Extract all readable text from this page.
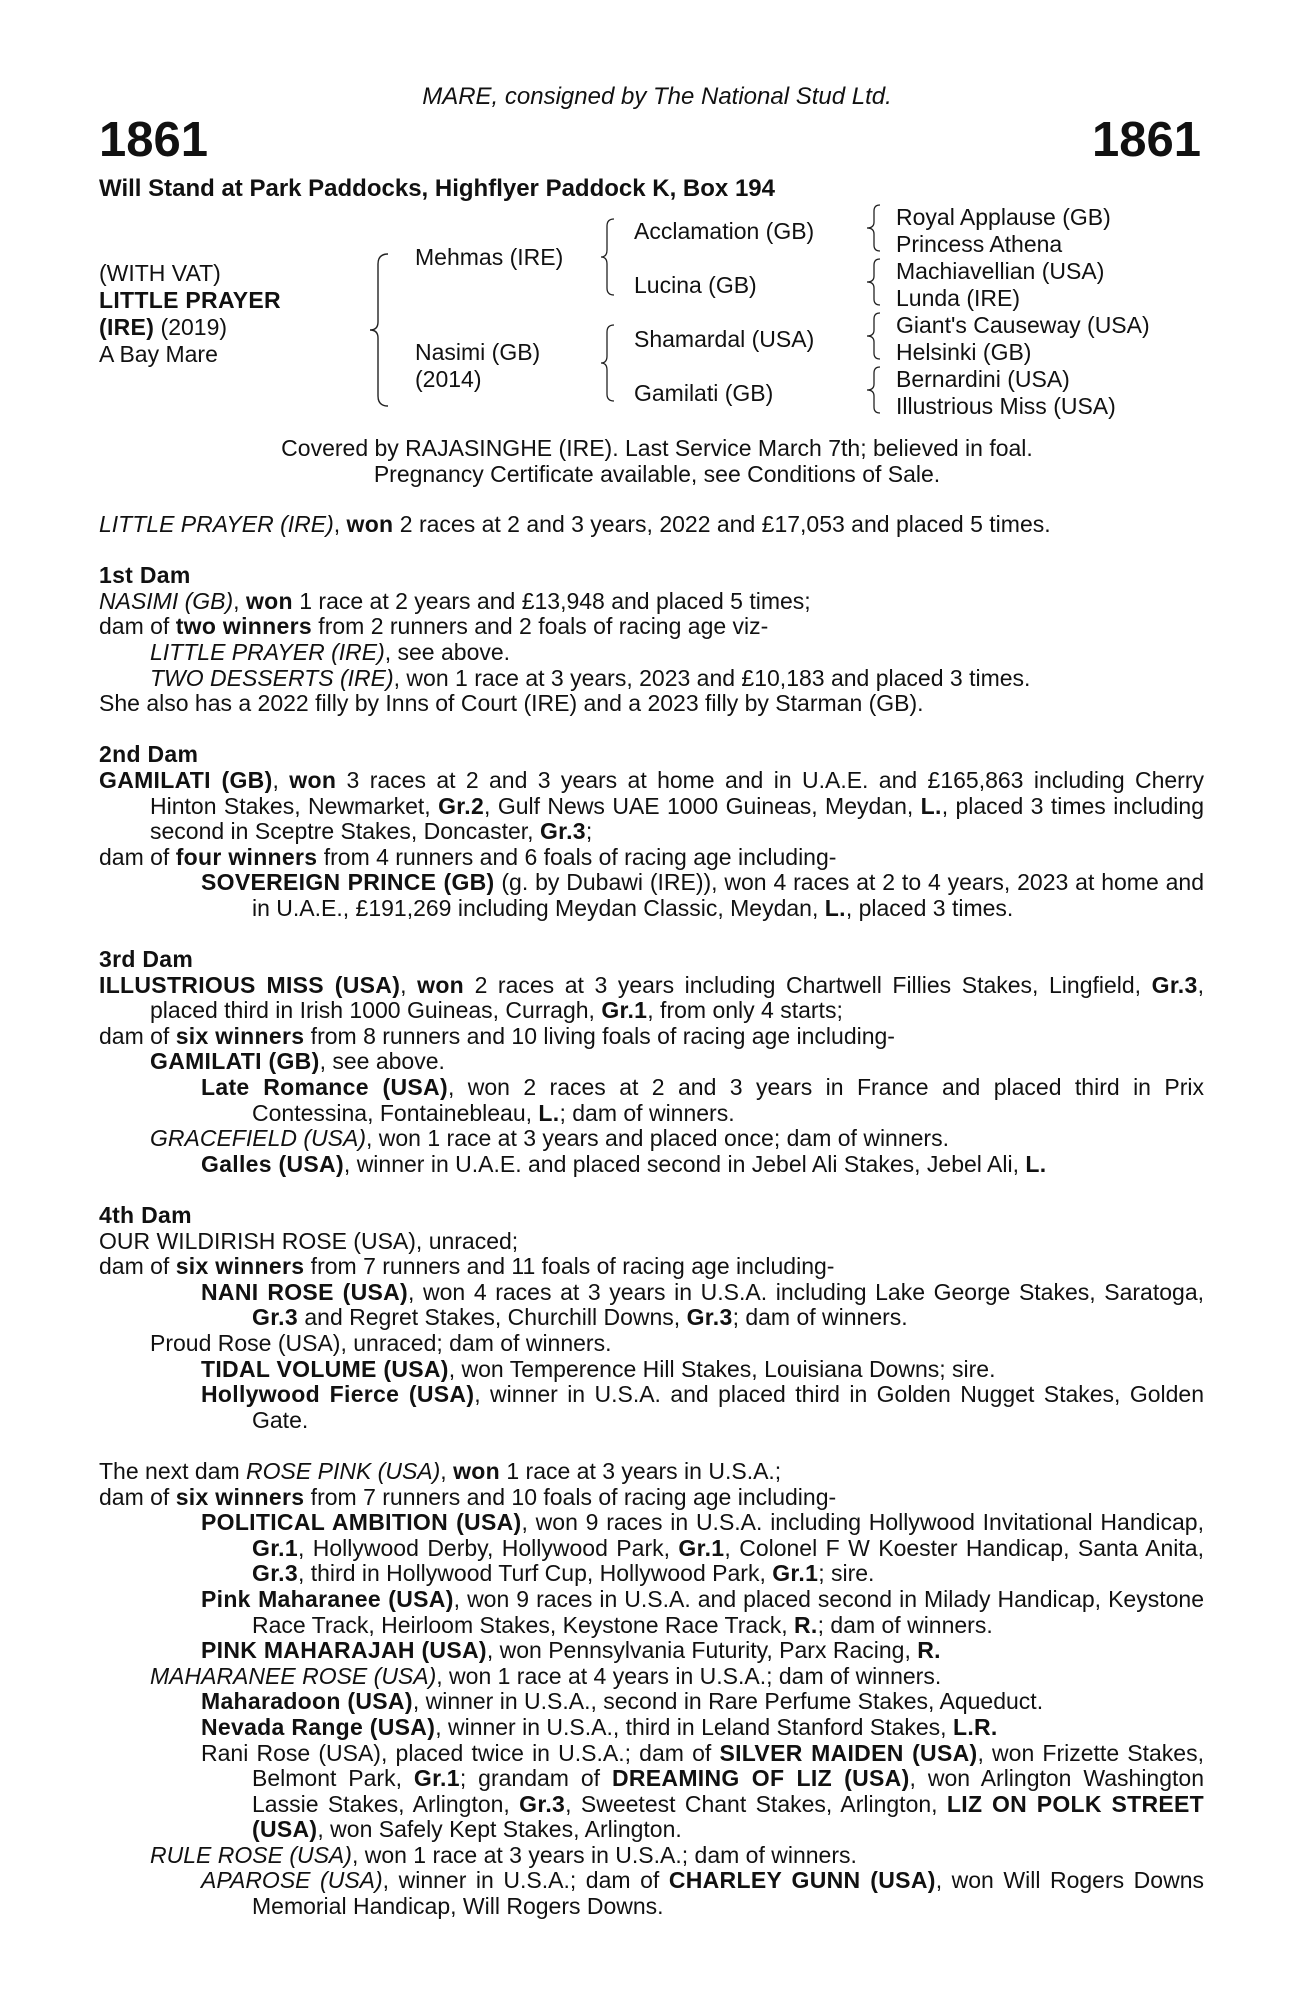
MARE, consigned by The National Stud Ltd.
1861	1861
Will Stand at Park Paddocks, Highflyer Paddock K, Box 194
(WITH VAT)
LITTLE PRAYER
(IRE) (2019)
A Bay Mare
Mehmas (IRE)
Nasimi (GB)
(2014)
Acclamation (GB)
Lucina (GB)
Shamardal (USA)
Gamilati (GB)
Royal Applause (GB)
Princess Athena
Machiavellian (USA)
Lunda (IRE)
Giant's Causeway (USA)
Helsinki (GB)
Bernardini (USA)
Illustrious Miss (USA)
Covered by RAJASINGHE (IRE). Last Service March 7th; believed in foal.
Pregnancy Certificate available, see Conditions of Sale.

LITTLE PRAYER (IRE), won 2 races at 2 and 3 years, 2022 and £17,053 and placed 5 times.

1st Dam

NASIMI (GB), won 1 race at 2 years and £13,948 and placed 5 times;

dam of two winners from 2 runners and 2 foals of racing age viz-

LITTLE PRAYER (IRE), see above.

TWO DESSERTS (IRE), won 1 race at 3 years, 2023 and £10,183 and placed 3 times.

She also has a 2022 filly by Inns of Court (IRE) and a 2023 filly by Starman (GB).

2nd Dam

GAMILATI (GB), won 3 races at 2 and 3 years at home and in U.A.E. and £165,863 including Cherry Hinton Stakes, Newmarket, Gr.2, Gulf News UAE 1000 Guineas, Meydan, L., placed 3 times including second in Sceptre Stakes, Doncaster, Gr.3;

dam of four winners from 4 runners and 6 foals of racing age including-

SOVEREIGN PRINCE (GB) (g. by Dubawi (IRE)), won 4 races at 2 to 4 years, 2023 at home and in U.A.E., £191,269 including Meydan Classic, Meydan, L., placed 3 times.

3rd Dam

ILLUSTRIOUS MISS (USA), won 2 races at 3 years including Chartwell Fillies Stakes, Lingfield, Gr.3, placed third in Irish 1000 Guineas, Curragh, Gr.1, from only 4 starts;

dam of six winners from 8 runners and 10 living foals of racing age including-

GAMILATI (GB), see above.

Late Romance (USA), won 2 races at 2 and 3 years in France and placed third in Prix Contessina, Fontainebleau, L.; dam of winners.

GRACEFIELD (USA), won 1 race at 3 years and placed once; dam of winners.

Galles (USA), winner in U.A.E. and placed second in Jebel Ali Stakes, Jebel Ali, L.

4th Dam

OUR WILDIRISH ROSE (USA), unraced;

dam of six winners from 7 runners and 11 foals of racing age including-

NANI ROSE (USA), won 4 races at 3 years in U.S.A. including Lake George Stakes, Saratoga, Gr.3 and Regret Stakes, Churchill Downs, Gr.3; dam of winners.

Proud Rose (USA), unraced; dam of winners.

TIDAL VOLUME (USA), won Temperence Hill Stakes, Louisiana Downs; sire.

Hollywood Fierce (USA), winner in U.S.A. and placed third in Golden Nugget Stakes, Golden Gate.

The next dam ROSE PINK (USA), won 1 race at 3 years in U.S.A.;

dam of six winners from 7 runners and 10 foals of racing age including-

POLITICAL AMBITION (USA), won 9 races in U.S.A. including Hollywood Invitational Handicap, Gr.1, Hollywood Derby, Hollywood Park, Gr.1, Colonel F W Koester Handicap, Santa Anita, Gr.3, third in Hollywood Turf Cup, Hollywood Park, Gr.1; sire.

Pink Maharanee (USA), won 9 races in U.S.A. and placed second in Milady Handicap, Keystone Race Track, Heirloom Stakes, Keystone Race Track, R.; dam of winners.

PINK MAHARAJAH (USA), won Pennsylvania Futurity, Parx Racing, R.

MAHARANEE ROSE (USA), won 1 race at 4 years in U.S.A.; dam of winners.

Maharadoon (USA), winner in U.S.A., second in Rare Perfume Stakes, Aqueduct.

Nevada Range (USA), winner in U.S.A., third in Leland Stanford Stakes, L.R.

Rani Rose (USA), placed twice in U.S.A.; dam of SILVER MAIDEN (USA), won Frizette Stakes, Belmont Park, Gr.1; grandam of DREAMING OF LIZ (USA), won Arlington Washington Lassie Stakes, Arlington, Gr.3, Sweetest Chant Stakes, Arlington, LIZ ON POLK STREET (USA), won Safely Kept Stakes, Arlington.

RULE ROSE (USA), won 1 race at 3 years in U.S.A.; dam of winners.

APAROSE (USA), winner in U.S.A.; dam of CHARLEY GUNN (USA), won Will Rogers Downs Memorial Handicap, Will Rogers Downs.
